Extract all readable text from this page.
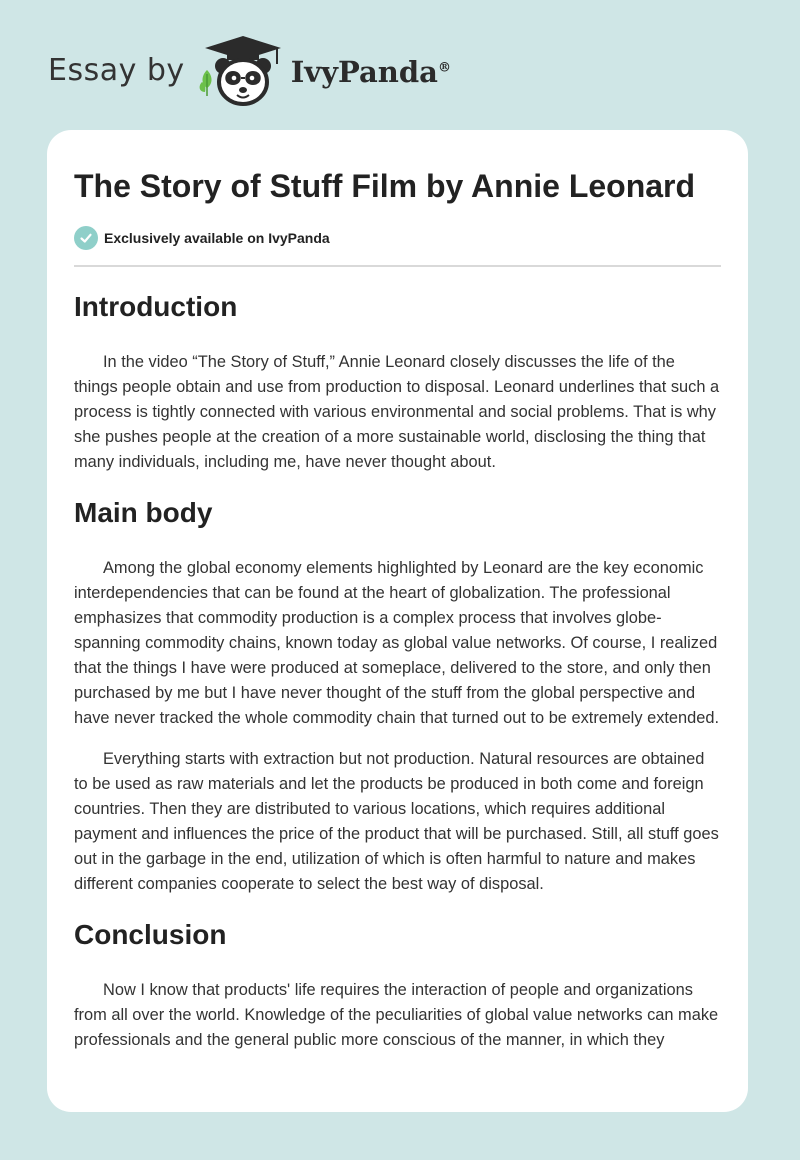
Essay by	IvyPanda®
The Story of Stuff Film by Annie Leonard
Exclusively available on IvyPanda
Introduction

In the video “The Story of Stuff,” Annie Leonard closely discusses the life of the things people obtain and use from production to disposal. Leonard underlines that such a process is tightly connected with various environmental and social problems. That is why she pushes people at the creation of a more sustainable world, disclosing the thing that many individuals, including me, have never thought about.

Main body

Among the global economy elements highlighted by Leonard are the key economic interdependencies that can be found at the heart of globalization. The professional emphasizes that commodity production is a complex process that involves globe-spanning commodity chains, known today as global value networks. Of course, I realized that the things I have were produced at someplace, delivered to the store, and only then purchased by me but I have never thought of the stuff from the global perspective and have never tracked the whole commodity chain that turned out to be extremely extended.

Everything starts with extraction but not production. Natural resources are obtained to be used as raw materials and let the products be produced in both come and foreign countries. Then they are distributed to various locations, which requires additional payment and influences the price of the product that will be purchased. Still, all stuff goes out in the garbage in the end, utilization of which is often harmful to nature and makes different companies cooperate to select the best way of disposal.

Conclusion

Now I know that products' life requires the interaction of people and organizations from all over the world. Knowledge of the peculiarities of global value networks can make professionals and the general public more conscious of the manner, in which they
